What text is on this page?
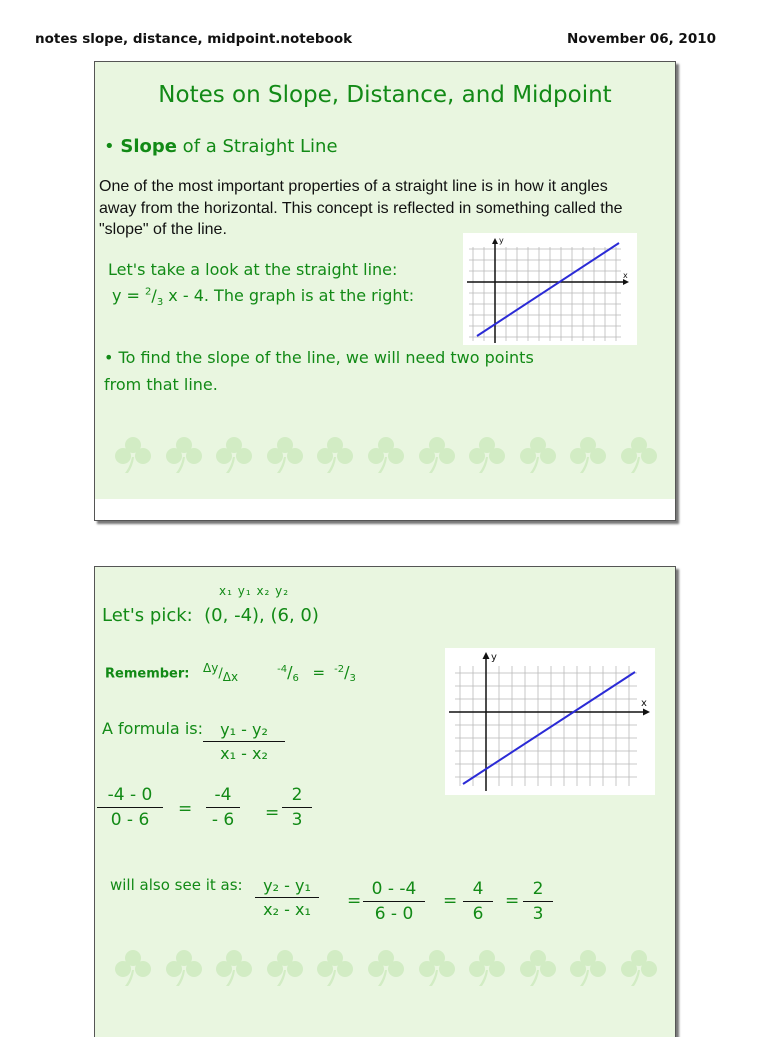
notes slope, distance, midpoint.notebook	November 06, 2010
Notes on Slope, Distance, and Midpoint
• Slope of a Straight Line
One of the most important properties of a straight line is in how it angles away from the horizontal. This concept is reflected in something called the "slope" of the line.
Let's take a look at the straight line:
$y = ^2/_3$ x - 4. The graph is at the right:
• To find the slope of the line, we will need two points
from that line.
y
x
x₁ y₁ x₂ y₂
Let's pick: (0, -4), (6, 0)
Remember: $^{\Delta y}/_{\Delta x}$  $^{-4}/_6 = ^{-2}/_3$
A formula is:	y₁ - y₂
x₁ - x₂
-4 - 0
0 - 6
=
-4
- 6	=
2
3
will also see it as:	y₂ - y₁
x₂ - x₁	=
0 - -4
6 - 0
=
4
6
=
2
3
y
x
